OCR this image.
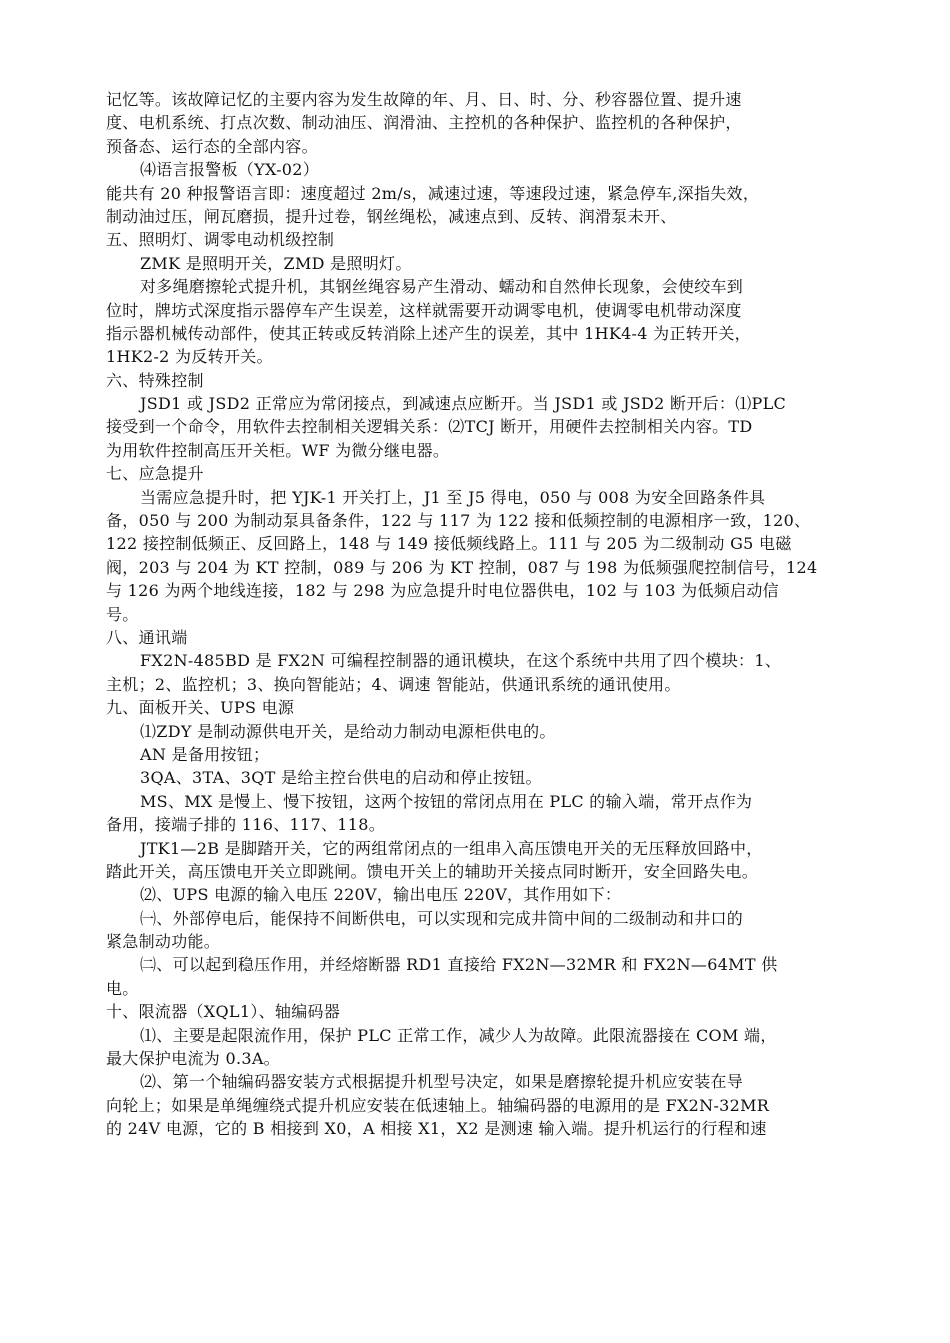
记忆等。该故障记忆的主要内容为发生故障的年、月、日、时、分、秒容器位置、提升速
度、电机系统、打点次数、制动油压、润滑油、主控机的各种保护、监控机的各种保护，
预备态、运行态的全部内容。
⑷语言报警板（YX-02）
能共有 20 种报警语言即：速度超过 2m/s，减速过速，等速段过速，紧急停车,深指失效，
制动油过压，闸瓦磨损，提升过卷，钢丝绳松，减速点到、反转、润滑泵未开、
五、照明灯、调零电动机级控制
ZMK 是照明开关，ZMD 是照明灯。
对多绳磨擦轮式提升机，其钢丝绳容易产生滑动、蠕动和自然伸长现象，会使绞车到
位时，牌坊式深度指示器停车产生误差，这样就需要开动调零电机，使调零电机带动深度
指示器机械传动部件，使其正转或反转消除上述产生的误差，其中 1HK4-4 为正转开关，
1HK2-2 为反转开关。
六、特殊控制
JSD1 或 JSD2 正常应为常闭接点，到减速点应断开。当 JSD1 或 JSD2 断开后：⑴PLC
接受到一个命令，用软件去控制相关逻辑关系：⑵TCJ 断开，用硬件去控制相关内容。TD
为用软件控制高压开关柜。WF 为微分继电器。
七、应急提升
当需应急提升时，把 YJK-1 开关打上，J1 至 J5 得电，050 与 008 为安全回路条件具
备，050 与 200 为制动泵具备条件，122 与 117 为 122 接和低频控制的电源相序一致，120、
122 接控制低频正、反回路上，148 与 149 接低频线路上。111 与 205 为二级制动 G5 电磁
阀，203 与 204 为 KT 控制，089 与 206 为 KT 控制，087 与 198 为低频强爬控制信号，124
与 126 为两个地线连接，182 与 298 为应急提升时电位器供电，102 与 103 为低频启动信
号。
八、通讯端
FX2N-485BD 是 FX2N 可编程控制器的通讯模块，在这个系统中共用了四个模块：1、
主机；2、监控机；3、换向智能站；4、调速 智能站，供通讯系统的通讯使用。
九、面板开关、UPS 电源
⑴ZDY 是制动源供电开关，是给动力制动电源柜供电的。
AN 是备用按钮；
3QA、3TA、3QT 是给主控台供电的启动和停止按钮。
MS、MX 是慢上、慢下按钮，这两个按钮的常闭点用在 PLC 的输入端，常开点作为
备用，接端子排的 116、117、118。
JTK1—2B 是脚踏开关，它的两组常闭点的一组串入高压馈电开关的无压释放回路中，
踏此开关，高压馈电开关立即跳闸。馈电开关上的辅助开关接点同时断开，安全回路失电。
⑵、UPS 电源的输入电压 220V，输出电压 220V，其作用如下：
㈠、外部停电后，能保持不间断供电，可以实现和完成井筒中间的二级制动和井口的
紧急制动功能。
㈡、可以起到稳压作用，并经熔断器 RD1 直接给 FX2N—32MR 和 FX2N—64MT 供
电。
十、限流器（XQL1）、轴编码器
⑴、主要是起限流作用，保护 PLC 正常工作，减少人为故障。此限流器接在 COM 端，
最大保护电流为 0.3A。
⑵、第一个轴编码器安装方式根据提升机型号决定，如果是磨擦轮提升机应安装在导
向轮上；如果是单绳缠绕式提升机应安装在低速轴上。轴编码器的电源用的是 FX2N-32MR
的 24V 电源，它的 B 相接到 X0，A 相接 X1，X2 是测速 输入端。提升机运行的行程和速
